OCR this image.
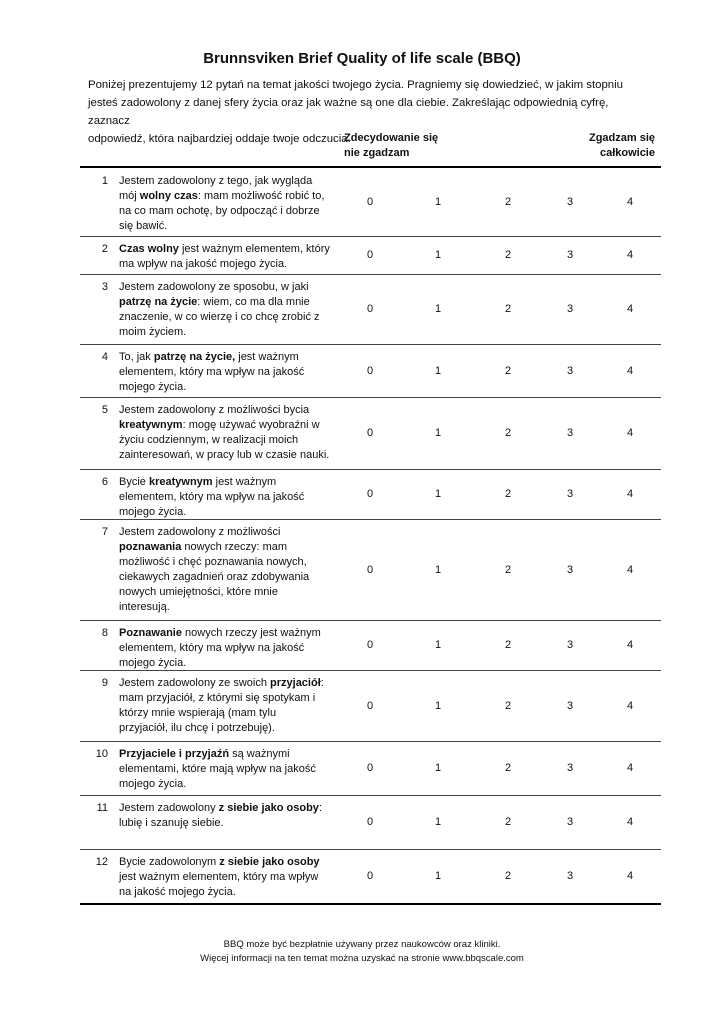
Brunnsviken Brief Quality of life scale (BBQ)
Poniżej prezentujemy 12 pytań na temat jakości twojego życia. Pragniemy się dowiedzieć, w jakim stopniu
jesteś zadowolony z danej sfery życia oraz jak ważne są one dla ciebie. Zakreślając odpowiednią cyfrę, zaznacz
odpowiedź, która najbardziej oddaje twoje odczucia.
Zdecydowanie się
nie zgadzam
Zgadzam się
całkowicie
1 Jestem zadowolony z tego, jak wygląda
mój wolny czas: mam możliwość robić to,
na co mam ochotę, by odpocząć i dobrze
się bawić.
0	1	2	3	4
2 Czas wolny jest ważnym elementem, który
ma wpływ na jakość mojego życia.
0	1	2	3	4
3 Jestem zadowolony ze sposobu, w jaki
patrzę na życie: wiem, co ma dla mnie
znaczenie, w co wierzę i co chcę zrobić z
moim życiem.
0	1	2	3	4
4 To, jak patrzę na życie, jest ważnym
elementem, który ma wpływ na jakość
mojego życia.
0	1	2	3	4
5 Jestem zadowolony z możliwości bycia
kreatywnym: mogę używać wyobraźni w
życiu codziennym, w realizacji moich
zainteresowań, w pracy lub w czasie nauki.
0	1	2	3	4
6 Bycie kreatywnym jest ważnym
elementem, który ma wpływ na jakość
mojego życia.
0	1	2	3	4
7 Jestem zadowolony z możliwości
poznawania nowych rzeczy: mam
możliwość i chęć poznawania nowych,
ciekawych zagadnień oraz zdobywania
nowych umiejętności, które mnie
interesują.
0	1	2	3	4
8 Poznawanie nowych rzeczy jest ważnym
elementem, który ma wpływ na jakość
mojego życia.
0	1	2	3	4
9 Jestem zadowolony ze swoich przyjaciół:
mam przyjaciół, z którymi się spotykam i
którzy mnie wspierają (mam tylu
przyjaciół, ilu chcę i potrzebuję).
0	1	2	3	4
10 Przyjaciele i przyjaźń są ważnymi
elementami, które mają wpływ na jakość
mojego życia.
0	1	2	3	4
11 Jestem zadowolony z siebie jako osoby:
lubię i szanuję siebie.	0	1	2	3	4
12 Bycie zadowolonym z siebie jako osoby
jest ważnym elementem, który ma wpływ
na jakość mojego życia.
0	1	2	3	4
BBQ może być bezpłatnie używany przez naukowców oraz kliniki.
Więcej informacji na ten temat można uzyskać na stronie www.bbqscale.com
